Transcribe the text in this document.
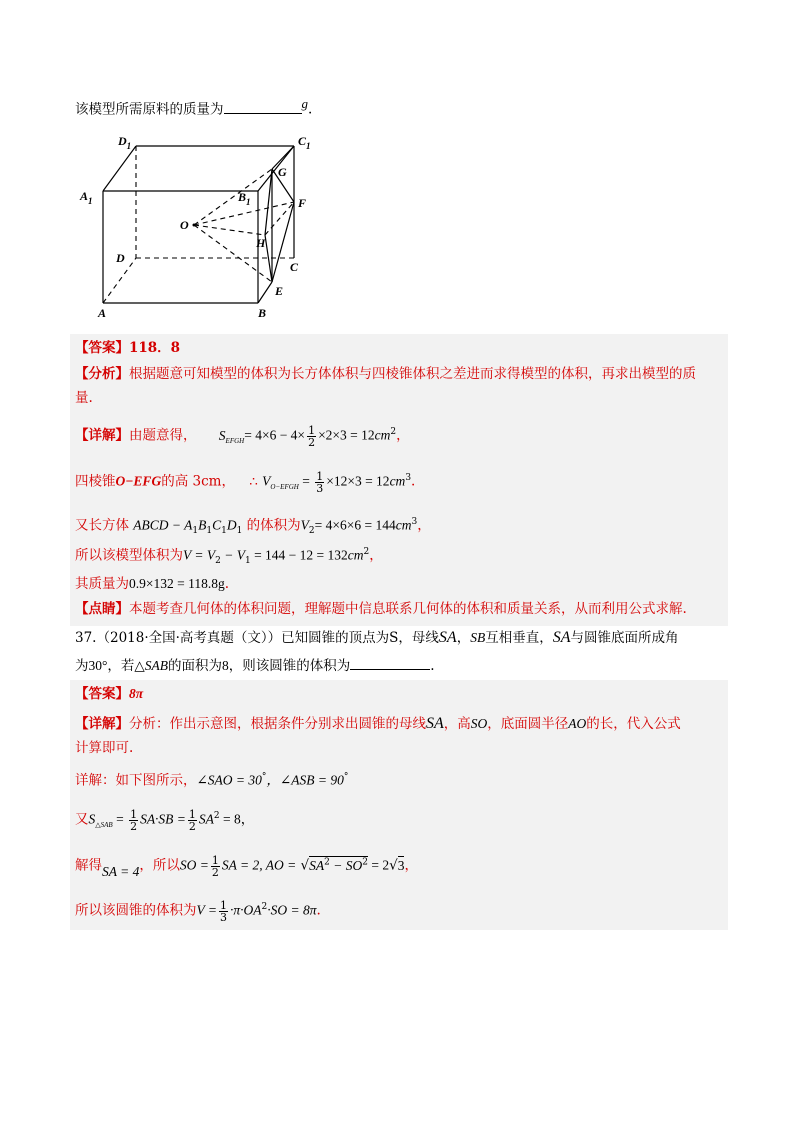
该模型所需原料的质量为	$^g$.
$D_1$	$C_1$
$A_1$	$B_1$
G
F
O
H
D
C
E
A	B
【答案】118．8
【分析】根据题意可知模型的体积为长方体体积与四棱锥体积之差进而求得模型的体积，再求出模型的质
量.
【详解】由题意得， $S_{EFGH}= 4\times 6 - 4\times \frac{1}{2} \times 2\times 3 = 12cm^2$，
四棱锥O−EFG的高 3cm， ∴ $V_{O-EFGH} = \frac{1}{3} \times 12\times 3 = 12cm^3$.
又长方体 ABCD − $A_1B_1C_1D_1$ 的体积为$V_2= 4\times 6\times 6 = 144cm^3$，
所以该模型体积为$V = V_2 - V_1 = 144 - 12 = 132cm^2$，
其质量为0.9×132 = 118.8g.
【点睛】本题考查几何体的体积问题，理解题中信息联系几何体的体积和质量关系，从而利用公式求解.
37.（2018·全国·高考真题（文））已知圆锥的顶点为S，母线SA，SB互相垂直，SA与圆锥底面所成角
为30°，若△SAB的面积为8，则该圆锥的体积为	.
【答案】8π
【详解】分析：作出示意图，根据条件分别求出圆锥的母线SA，高SO，底面圆半径AO的长，代入公式
计算即可.
详解：如下图所示，∠SAO = 30°，∠ASB = 90°
又$S_{\triangle SAB} = \frac{1}{2} SA\cdot SB = \frac{1}{2} SA^2 = 8$，
解得SA = 4，所以SO = $\frac{1}{2}$ SA = 2, AO = $√SA^2 - SO^2 = 2√3$，
所以该圆锥的体积为$V = \frac{1}{3} \cdot\pi\cdot OA^2\cdot SO = 8\pi$.
